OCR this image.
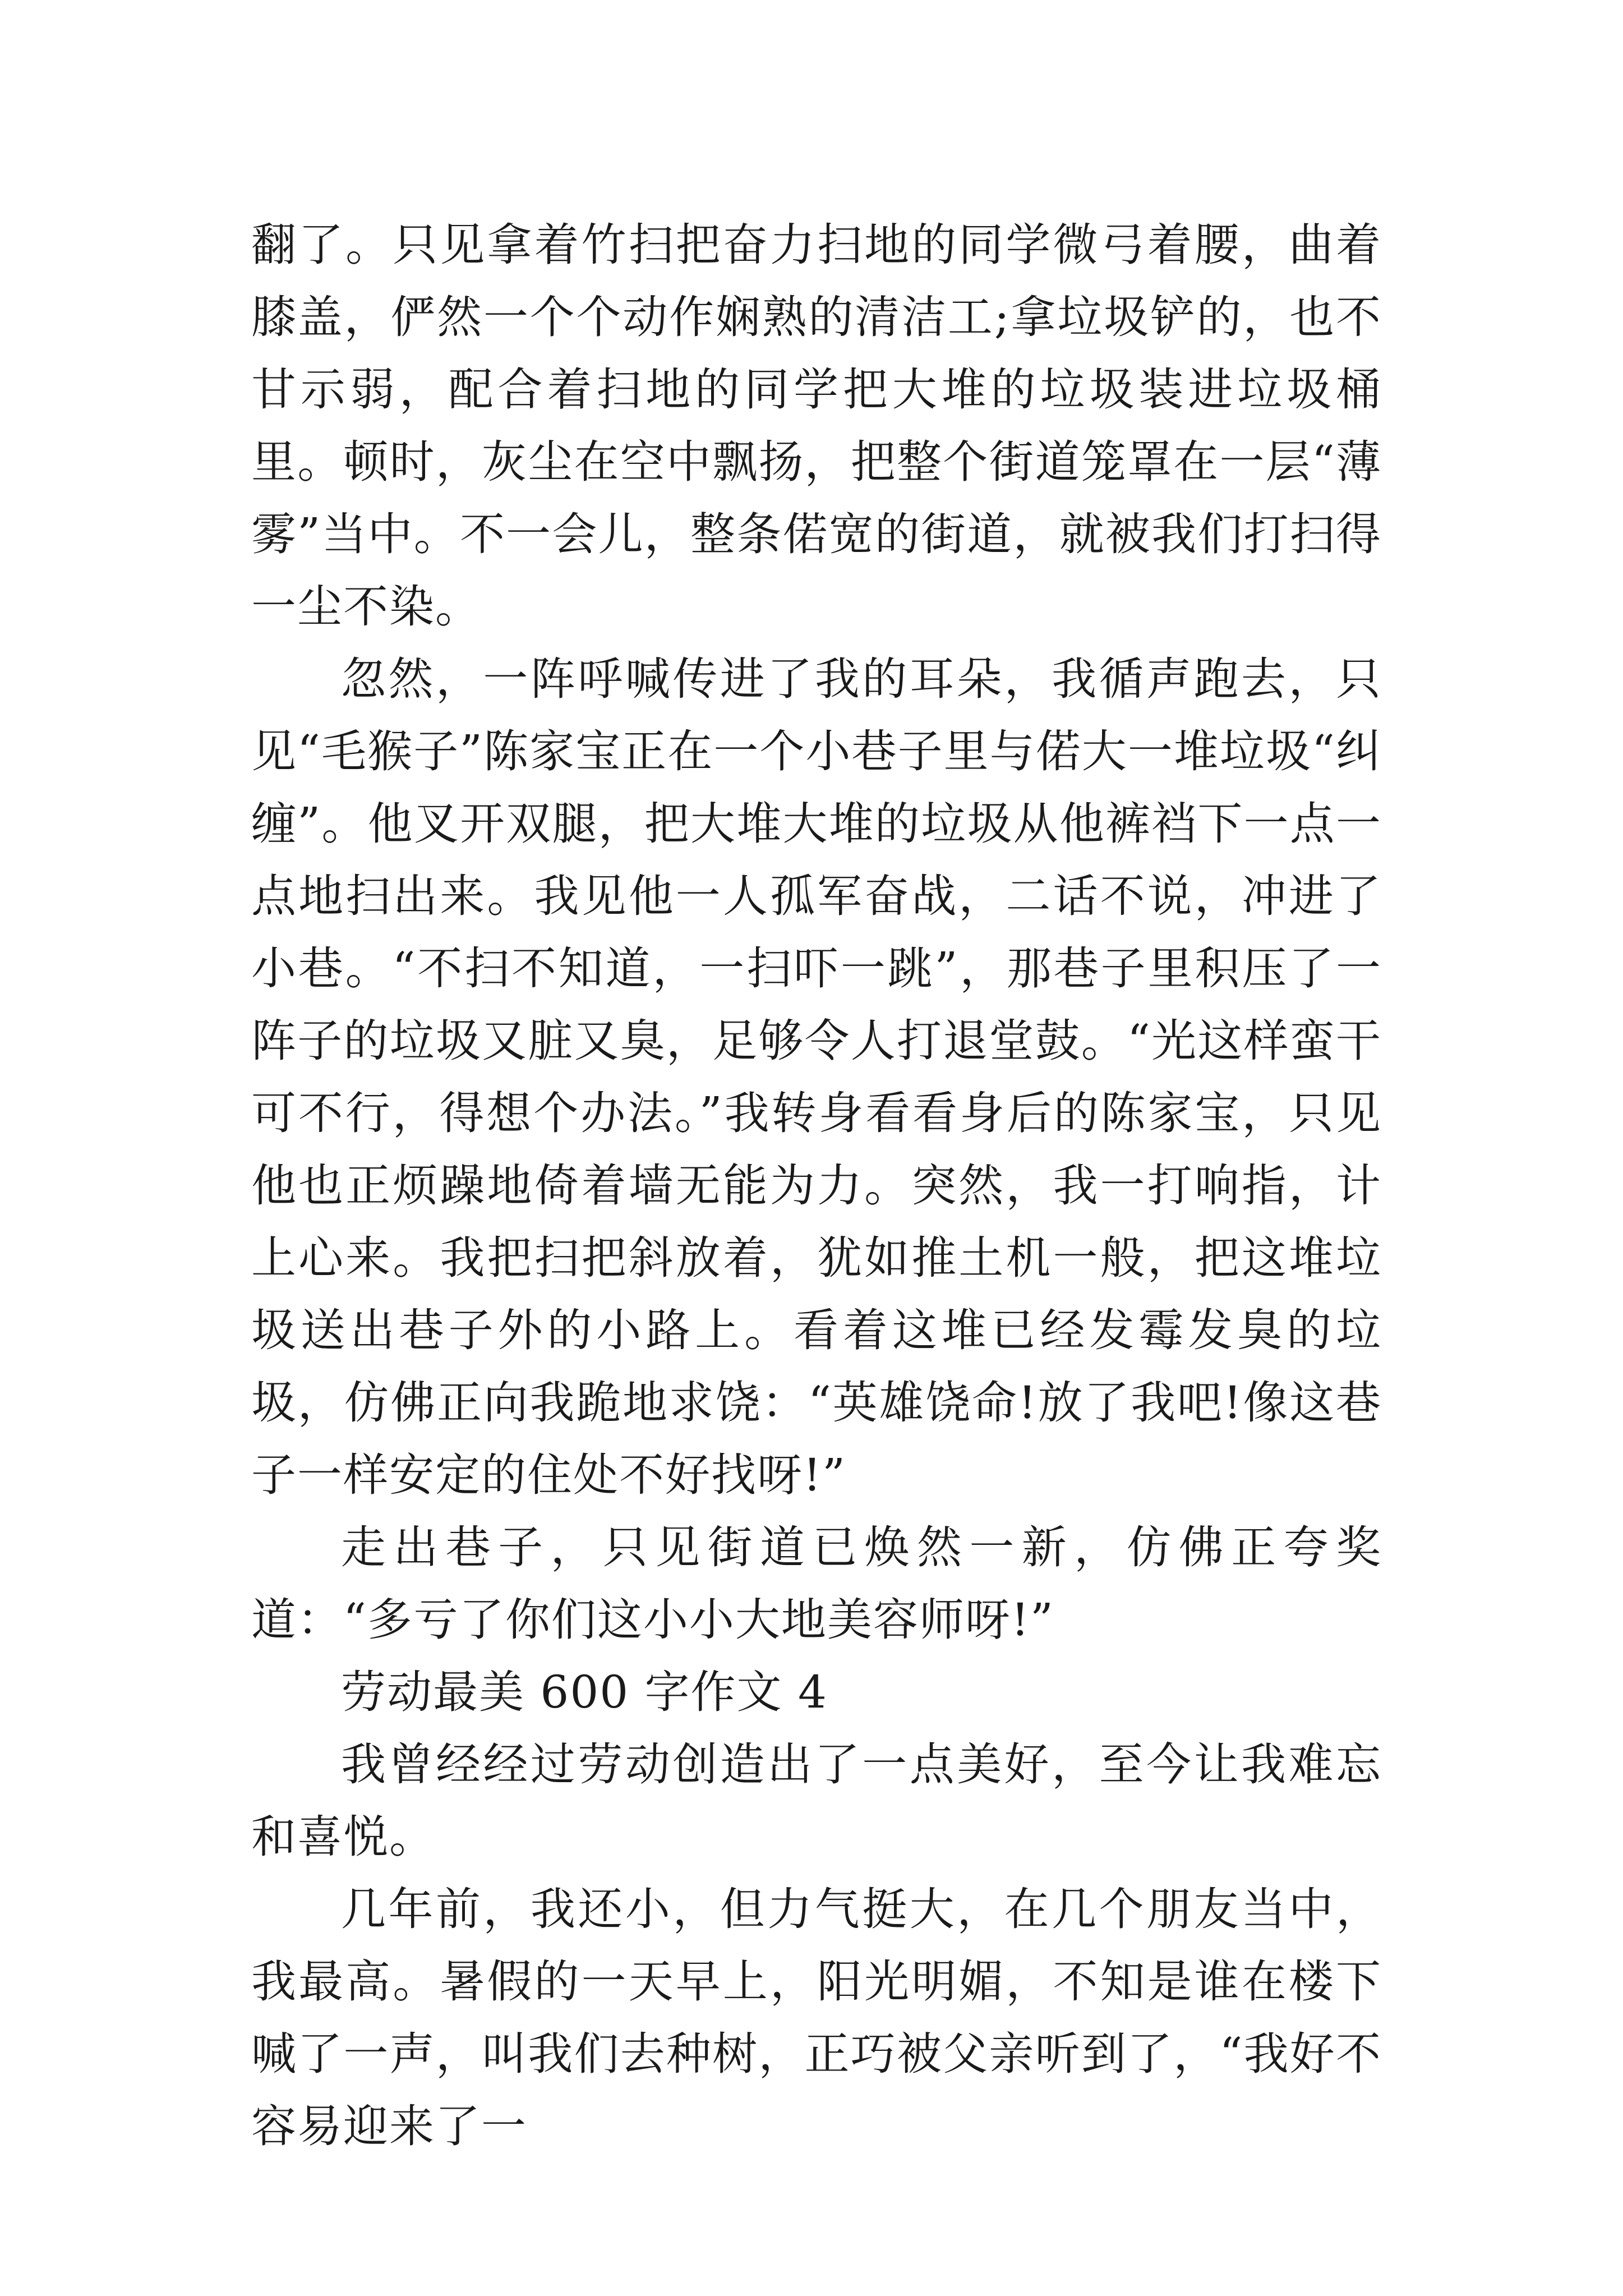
翻了。只见拿着竹扫把奋力扫地的同学微弓着腰，曲着膝盖，俨然一个个动作娴熟的清洁工;拿垃圾铲的，也不甘示弱，配合着扫地的同学把大堆的垃圾装进垃圾桶里。顿时，灰尘在空中飘扬，把整个街道笼罩在一层“薄雾”当中。不一会儿，整条偌宽的街道，就被我们打扫得一尘不染。

忽然，一阵呼喊传进了我的耳朵，我循声跑去，只见“毛猴子”陈家宝正在一个小巷子里与偌大一堆垃圾“纠缠”。他叉开双腿，把大堆大堆的垃圾从他裤裆下一点一点地扫出来。我见他一人孤军奋战，二话不说，冲进了小巷。“不扫不知道，一扫吓一跳”，那巷子里积压了一阵子的垃圾又脏又臭，足够令人打退堂鼓。“光这样蛮干可不行，得想个办法。”我转身看看身后的陈家宝，只见他也正烦躁地倚着墙无能为力。突然，我一打响指，计上心来。我把扫把斜放着，犹如推土机一般，把这堆垃圾送出巷子外的小路上。看着这堆已经发霉发臭的垃圾，仿佛正向我跪地求饶：“英雄饶命!放了我吧!像这巷子一样安定的住处不好找呀!”

走出巷子，只见街道已焕然一新，仿佛正夸奖道：“多亏了你们这小小大地美容师呀!”

劳动最美 600 字作文 4

我曾经经过劳动创造出了一点美好，至今让我难忘和喜悦。

几年前，我还小，但力气挺大，在几个朋友当中，我最高。暑假的一天早上，阳光明媚，不知是谁在楼下喊了一声，叫我们去种树，正巧被父亲听到了，“我好不容易迎来了一
